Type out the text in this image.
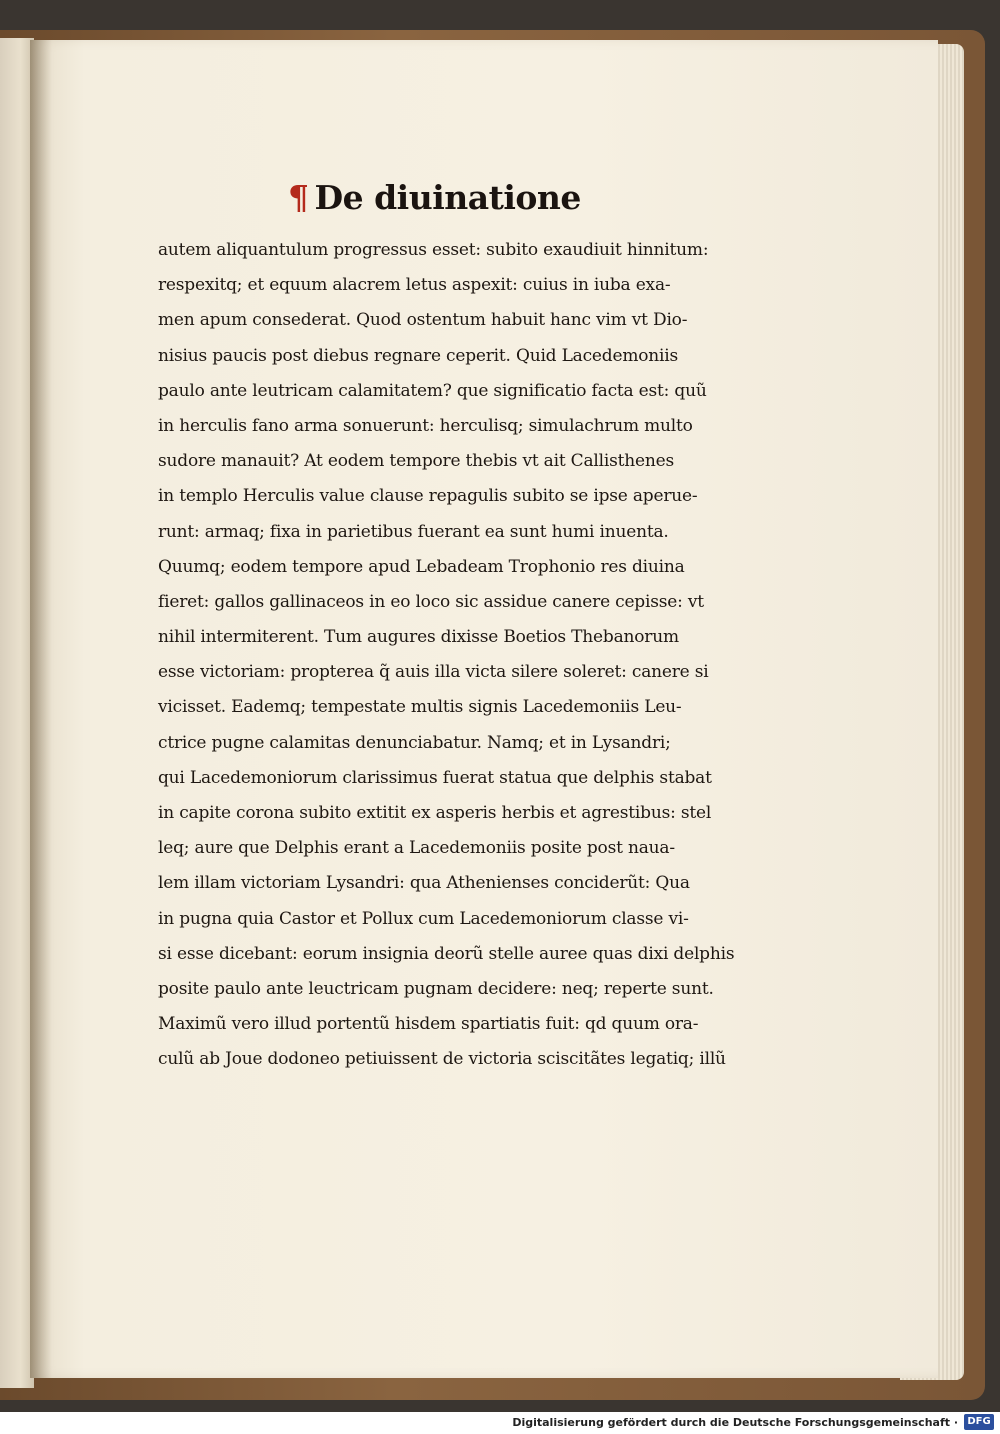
¶ De diuinatione
autem aliquantulum progressus esset: subito exaudiuit hinnitum:
respexitq; et equum alacrem letus aspexit: cuius in iuba exa-
men apum consederat. Quod ostentum habuit hanc vim vt Dio-
nisius paucis post diebus regnare ceperit. Quid Lacedemoniis
paulo ante leutricam calamitatem? que significatio facta est: quũ
in herculis fano arma sonuerunt: herculisq; simulachrum multo
sudore manauit? At eodem tempore thebis vt ait Callisthenes
in templo Herculis value clause repagulis subito se ipse aperue-
runt: armaq; fixa in parietibus fuerant ea sunt humi inuenta.
Quumq; eodem tempore apud Lebadeam Trophonio res diuina
fieret: gallos gallinaceos in eo loco sic assidue canere cepisse: vt
nihil intermiterent. Tum augures dixisse Boetios Thebanorum
esse victoriam: propterea q̃ auis illa victa silere soleret: canere si
vicisset. Eademq; tempestate multis signis Lacedemoniis Leu-
ctrice pugne calamitas denunciabatur. Namq; et in Lysandri;
qui Lacedemoniorum clarissimus fuerat statua que delphis stabat
in capite corona subito extitit ex asperis herbis et agrestibus: stel
leq; aure que Delphis erant a Lacedemoniis posite post naua-
lem illam victoriam Lysandri: qua Athenienses conciderũt: Qua
in pugna quia Castor et Pollux cum Lacedemoniorum classe vi-
si esse dicebant: eorum insignia deorũ stelle auree quas dixi delphis
posite paulo ante leuctricam pugnam decidere: neq; reperte sunt.
Maximũ vero illud portentũ hisdem spartiatis fuit: qd quum ora-
culũ ab Joue dodoneo petiuissent de victoria sciscitãtes legatiq; illũ
Digitalisierung gefördert durch die Deutsche Forschungsgemeinschaft · DFG
